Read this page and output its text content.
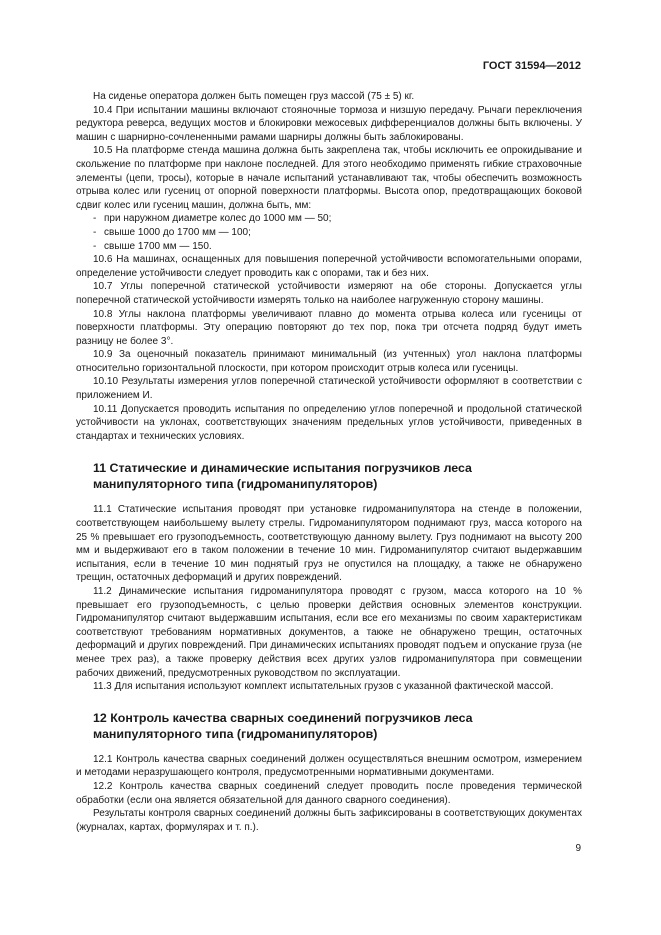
ГОСТ 31594—2012

На сиденье оператора должен быть помещен груз массой (75 ± 5) кг.

10.4 При испытании машины включают стояночные тормоза и низшую передачу. Рычаги переключения редуктора реверса, ведущих мостов и блокировки межосевых дифференциалов должны быть включены. У машин с шарнирно-сочлененными рамами шарниры должны быть заблокированы.

10.5 На платформе стенда машина должна быть закреплена так, чтобы исключить ее опрокидывание и скольжение по платформе при наклоне последней. Для этого необходимо применять гибкие страховочные элементы (цепи, тросы), которые в начале испытаний устанавливают так, чтобы обеспечить возможность отрыва колес или гусениц от опорной поверхности платформы. Высота опор, предотвращающих боковой сдвиг колес или гусениц машин, должна быть, мм:

- при наружном диаметре колес до 1000 мм — 50;
- свыше 1000 до 1700 мм — 100;
- свыше 1700 мм — 150.

10.6 На машинах, оснащенных для повышения поперечной устойчивости вспомогательными опорами, определение устойчивости следует проводить как с опорами, так и без них.

10.7 Углы поперечной статической устойчивости измеряют на обе стороны. Допускается углы поперечной статической устойчивости измерять только на наиболее нагруженную сторону машины.

10.8 Углы наклона платформы увеличивают плавно до момента отрыва колеса или гусеницы от поверхности платформы. Эту операцию повторяют до тех пор, пока три отсчета подряд будут иметь разницу не более 3°.

10.9 За оценочный показатель принимают минимальный (из учтенных) угол наклона платформы относительно горизонтальной плоскости, при котором происходит отрыв колеса или гусеницы.

10.10 Результаты измерения углов поперечной статической устойчивости оформляют в соответствии с приложением И.

10.11 Допускается проводить испытания по определению углов поперечной и продольной статической устойчивости на уклонах, соответствующих значениям предельных углов устойчивости, приведенных в стандартах и технических условиях.

11 Статические и динамические испытания погрузчиков леса
манипуляторного типа (гидроманипуляторов)

11.1 Статические испытания проводят при установке гидроманипулятора на стенде в положении, соответствующем наибольшему вылету стрелы. Гидроманипулятором поднимают груз, масса которого на 25 % превышает его грузоподъемность, соответствующую данному вылету. Груз поднимают на высоту 200 мм и выдерживают его в таком положении в течение 10 мин. Гидроманипулятор считают выдержавшим испытания, если в течение 10 мин поднятый груз не опустился на площадку, а также не обнаружено трещин, остаточных деформаций и других повреждений.

11.2 Динамические испытания гидроманипулятора проводят с грузом, масса которого на 10 % превышает его грузоподъемность, с целью проверки действия основных элементов конструкции. Гидроманипулятор считают выдержавшим испытания, если все его механизмы по своим характеристикам соответствуют требованиям нормативных документов, а также не обнаружено трещин, остаточных деформаций и других повреждений. При динамических испытаниях проводят подъем и опускание груза (не менее трех раз), а также проверку действия всех других узлов гидроманипулятора при совмещении рабочих движений, предусмотренных руководством по эксплуатации.

11.3 Для испытания используют комплект испытательных грузов с указанной фактической массой.

12 Контроль качества сварных соединений погрузчиков леса
манипуляторного типа (гидроманипуляторов)

12.1 Контроль качества сварных соединений должен осуществляться внешним осмотром, измерением и методами неразрушающего контроля, предусмотренными нормативными документами.

12.2 Контроль качества сварных соединений следует проводить после проведения термической обработки (если она является обязательной для данного сварного соединения).

Результаты контроля сварных соединений должны быть зафиксированы в соответствующих документах (журналах, картах, формулярах и т. п.).

9
